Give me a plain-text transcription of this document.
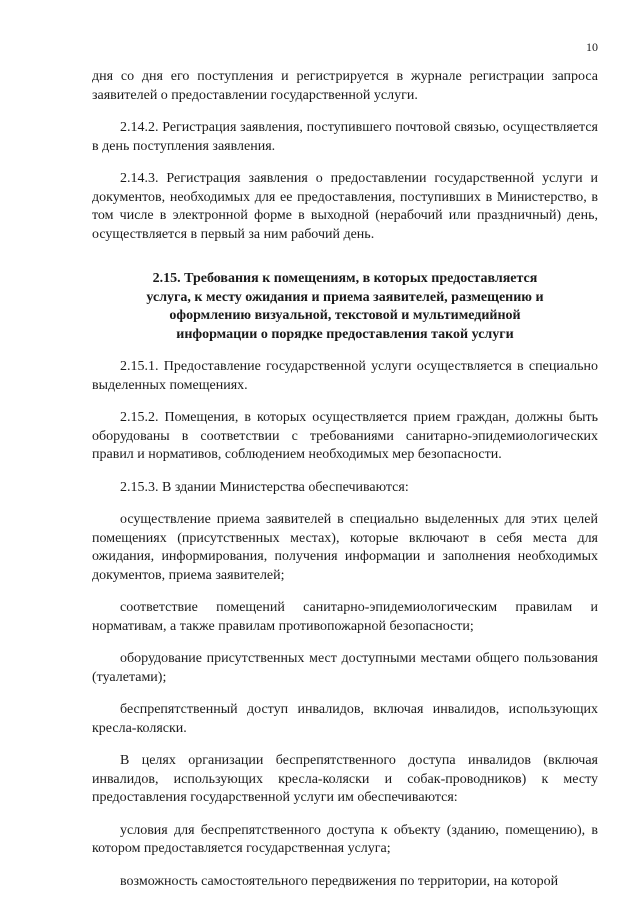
10

дня со дня его поступления и регистрируется в журнале регистрации запроса заявителей о предоставлении государственной услуги.

2.14.2. Регистрация заявления, поступившего почтовой связью, осуществляется в день поступления заявления.

2.14.3. Регистрация заявления о предоставлении государственной услуги и документов, необходимых для ее предоставления, поступивших в Министерство, в том числе в электронной форме в выходной (нерабочий или праздничный) день, осуществляется в первый за ним рабочий день.

2.15. Требования к помещениям, в которых предоставляется услуга, к месту ожидания и приема заявителей, размещению и оформлению визуальной, текстовой и мультимедийной информации о порядке предоставления такой услуги

2.15.1. Предоставление государственной услуги осуществляется в специально выделенных помещениях.

2.15.2. Помещения, в которых осуществляется прием граждан, должны быть оборудованы в соответствии с требованиями санитарно-эпидемиологических правил и нормативов, соблюдением необходимых мер безопасности.

2.15.3. В здании Министерства обеспечиваются:

осуществление приема заявителей в специально выделенных для этих целей помещениях (присутственных местах), которые включают в себя места для ожидания, информирования, получения информации и заполнения необходимых документов, приема заявителей;

соответствие помещений санитарно-эпидемиологическим правилам и нормативам, а также правилам противопожарной безопасности;

оборудование присутственных мест доступными местами общего пользования (туалетами);

беспрепятственный доступ инвалидов, включая инвалидов, использующих кресла-коляски.

В целях организации беспрепятственного доступа инвалидов (включая инвалидов, использующих кресла-коляски и собак-проводников) к месту предоставления государственной услуги им обеспечиваются:

условия для беспрепятственного доступа к объекту (зданию, помещению), в котором предоставляется государственная услуга;

возможность самостоятельного передвижения по территории, на которой
